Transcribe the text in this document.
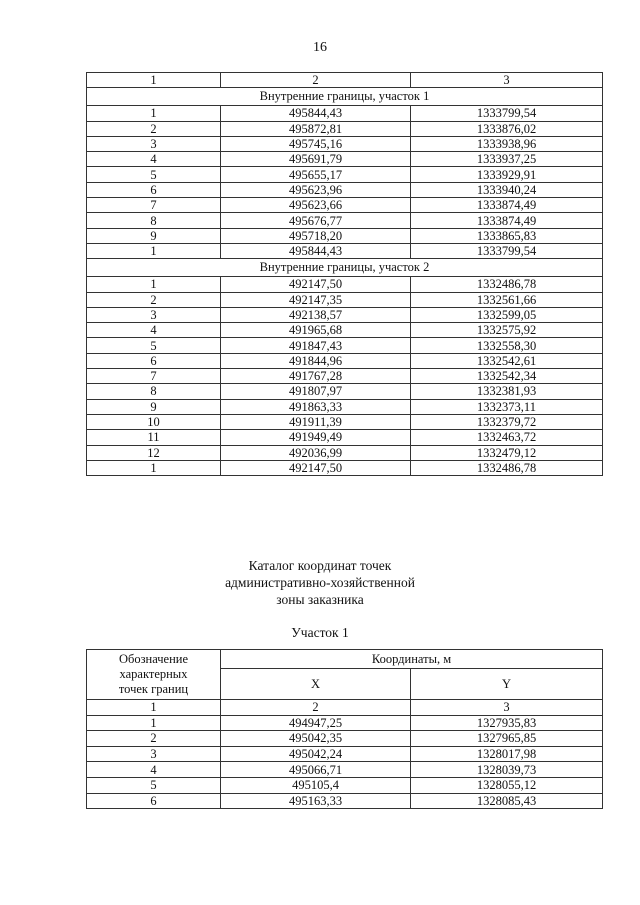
16
1	2	3
Внутренние границы, участок 1		
1	495844,43	1333799,54
2	495872,81	1333876,02
3	495745,16	1333938,96
4	495691,79	1333937,25
5	495655,17	1333929,91
6	495623,96	1333940,24
7	495623,66	1333874,49
8	495676,77	1333874,49
9	495718,20	1333865,83
1	495844,43	1333799,54
Внутренние границы, участок 2		
1	492147,50	1332486,78
2	492147,35	1332561,66
3	492138,57	1332599,05
4	491965,68	1332575,92
5	491847,43	1332558,30
6	491844,96	1332542,61
7	491767,28	1332542,34
8	491807,97	1332381,93
9	491863,33	1332373,11
10	491911,39	1332379,72
11	491949,49	1332463,72
12	492036,99	1332479,12
1	492147,50	1332486,78
Каталог координат точек
административно-хозяйственной
зоны заказника
Участок 1
Обозначение
характерных
точек границ	Координаты, м	
	X	Y
1	2	3
1	494947,25	1327935,83
2	495042,35	1327965,85
3	495042,24	1328017,98
4	495066,71	1328039,73
5	495105,4	1328055,12
6	495163,33	1328085,43
